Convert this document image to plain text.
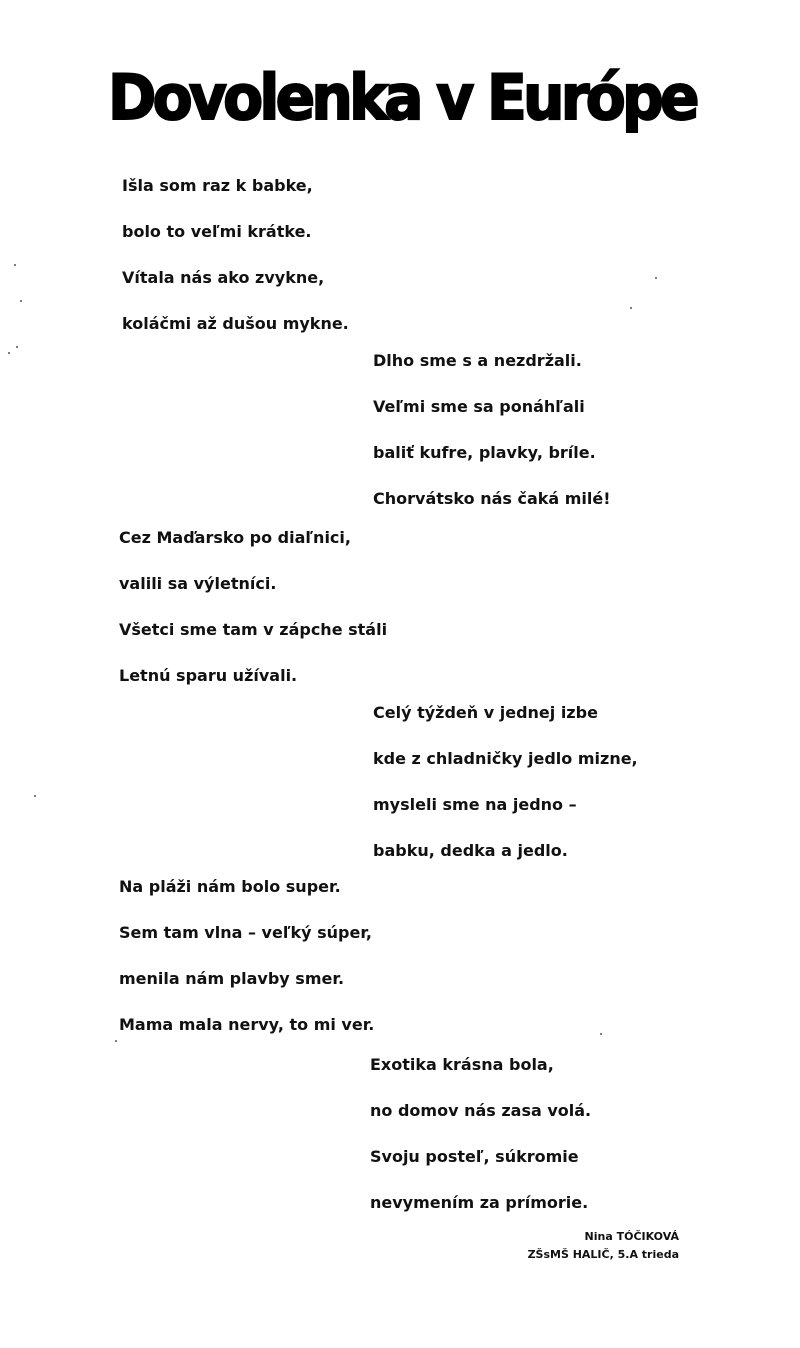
Dovolenka v Európe
Išla som raz k babke,
bolo to veľmi krátke.
Vítala nás ako zvykne,
koláčmi až dušou mykne.
Dlho sme s a nezdržali.
Veľmi sme sa ponáhľali
baliť kufre, plavky, bríle.
Chorvátsko nás čaká milé!
Cez Maďarsko po diaľnici,
valili sa výletníci.
Všetci sme tam v zápche stáli
Letnú sparu užívali.
Celý týždeň v jednej izbe
kde z chladničky jedlo mizne,
mysleli sme na jedno –
babku, dedka a jedlo.
Na pláži nám bolo super.
Sem tam vlna – veľký súper,
menila nám plavby smer.
Mama mala nervy, to mi ver.
Exotika krásna bola,
no domov nás zasa volá.
Svoju posteľ, súkromie
nevymením za prímorie.
Nina TÓČIKOVÁ
ZŠsMŠ HALIČ, 5.A trieda
